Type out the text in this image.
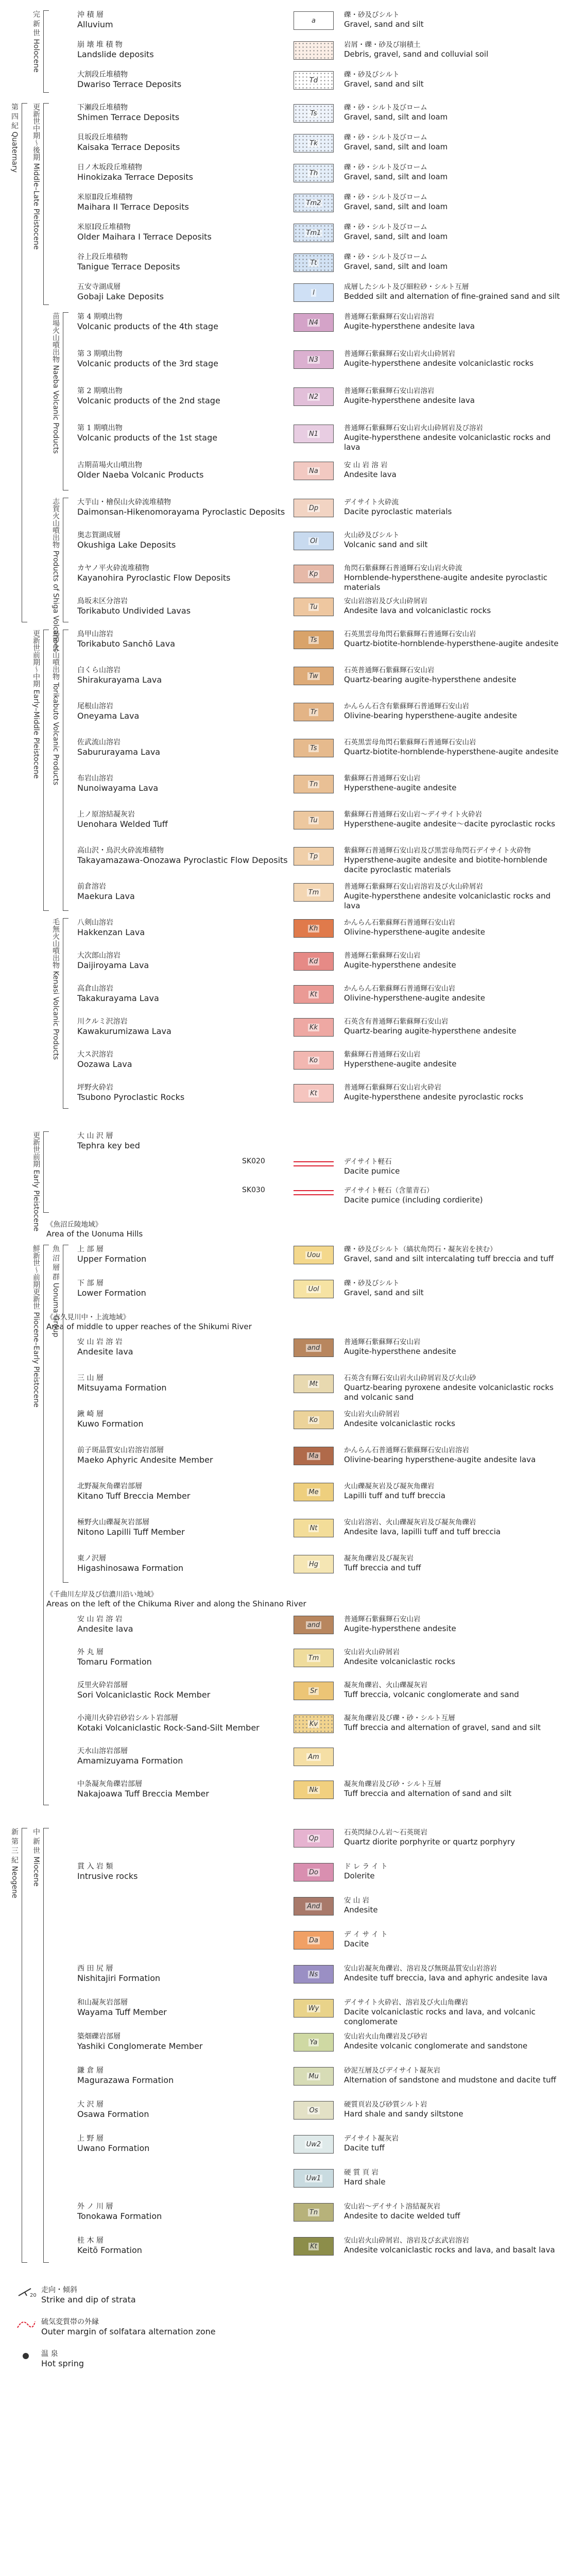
沖 積 層
Alluvium	a
礫・砂及びシルト
Gravel, sand and silt
崩 壊 堆 積 物
Landslide deposits
岩屑・礫・砂及び崩積土
Debris, gravel, sand and colluvial soil
大割段丘堆積物
Dwariso Terrace Deposits	Td
礫・砂及びシルト
Gravel, sand and silt
完 新 世 Holocene
下瀬段丘堆積物
Shimen Terrace Deposits	Ts
礫・砂・シルト及びローム
Gravel, sand, silt and loam
貝坂段丘堆積物
Kaisaka Terrace Deposits	Tk
礫・砂・シルト及びローム
Gravel, sand, silt and loam
日ノ木坂段丘堆積物
Hinokizaka Terrace Deposits	Th
礫・砂・シルト及びローム
Gravel, sand, silt and loam
米原Ⅱ段丘堆積物
Maihara II Terrace Deposits	Tm2
礫・砂・シルト及びローム
Gravel, sand, silt and loam
米原Ⅰ段丘堆積物
Older Maihara I Terrace Deposits	Tm1
礫・砂・シルト及びローム
Gravel, sand, silt and loam
谷上段丘堆積物
Tanigue Terrace Deposits	Tt
礫・砂・シルト及びローム
Gravel, sand, silt and loam
五安寺湖成層
Gobaji Lake Deposits	l
成層したシルト及び細粒砂・シルト互層
Bedded silt and alternation of fine-grained sand and silt
更新世中期～後期 Middle–Late Pleistocene
第 4 期噴出物
Volcanic products of the 4th stage	N4
普通輝石紫蘇輝石安山岩溶岩
Augite-hypersthene andesite lava
第 3 期噴出物
Volcanic products of the 3rd stage	N3
普通輝石紫蘇輝石安山岩火山砕屑岩
Augite-hypersthene andesite volcaniclastic rocks
第 2 期噴出物
Volcanic products of the 2nd stage	N2
普通輝石紫蘇輝石安山岩溶岩
Augite-hypersthene andesite lava
第 1 期噴出物
Volcanic products of the 1st stage	N1
普通輝石紫蘇輝石安山岩火山砕屑岩及び溶岩
Augite-hypersthene andesite volcaniclastic rocks and lava
古期苗場火山噴出物
Older Naeba Volcanic Products	Na
安 山 岩 溶 岩
Andesite lava
苗場火山噴出物 Naeba Volcanic Products
大芋山・檜俣山火砕流堆積物
Daimonsan-Hikenomorayama Pyroclastic Deposits	Dp
デイサイト火砕流
Dacite pyroclastic materials
奥志賀湖成層
Okushiga Lake Deposits	Ol
火山砂及びシルト
Volcanic sand and silt
カヤノ平火砕流堆積物
Kayanohira Pyroclastic Flow Deposits	Kp
角閃石紫蘇輝石普通輝石安山岩火砕流
Hornblende-hypersthene-augite andesite pyroclastic materials
鳥坂未区分溶岩
Torikabuto Undivided Lavas	Tu
安山岩溶岩及び火山砕屑岩
Andesite lava and volcaniclastic rocks
志賀火山噴出物 Products of Shiga Volcanoes
第 四 紀 Quaternary
鳥甲山溶岩
Torikabuto Sanchō Lava	Ts
石英黒雲母角閃石紫蘇輝石普通輝石安山岩
Quartz-biotite-hornblende-hypersthene-augite andesite
白くら山溶岩
Shirakurayama Lava	Tw
石英普通輝石紫蘇輝石安山岩
Quartz-bearing augite-hypersthene andesite
尾根山溶岩
Oneyama Lava	Tr
かんらん石含有紫蘇輝石普通輝石安山岩
Olivine-bearing hypersthene-augite andesite
佐武流山溶岩
Sabururayama Lava	Ts
石英黒雲母角閃石紫蘇輝石普通輝石安山岩
Quartz-biotite-hornblende-hypersthene-augite andesite
布岩山溶岩
Nunoiwayama Lava	Tn
紫蘇輝石普通輝石安山岩
Hypersthene-augite andesite
上ノ原溶結凝灰岩
Uenohara Welded Tuff	Tu
紫蘇輝石普通輝石安山岩～デイサイト火砕岩
Hypersthene-augite andesite～dacite pyroclastic rocks
高山沢・鳥沢火砕流堆積物
Takayamazawa-Onozawa Pyroclastic Flow Deposits	Tp
紫蘇輝石普通輝石安山岩及び黒雲母角閃石デイサイト火砕物
Hypersthene-augite andesite and biotite-hornblende dacite pyroclastic materials
前倉溶岩
Maekura Lava	Tm
普通輝石紫蘇輝石安山岩溶岩及び火山砕屑岩
Augite-hypersthene andesite volcaniclastic rocks and lava
鳥甲火山噴出物 Torikabuto Volcanic Products
更新世前期～中期 Early–Middle Pleistocene
八剣山溶岩
Hakkenzan Lava	Kh
かんらん石紫蘇輝石普通輝石安山岩
Olivine-hypersthene-augite andesite
大次郎山溶岩
Daijiroyama Lava	Kd
普通輝石紫蘇輝石安山岩
Augite-hypersthene andesite
高倉山溶岩
Takakurayama Lava	Kt
かんらん石紫蘇輝石普通輝石安山岩
Olivine-hypersthene-augite andesite
川クルミ沢溶岩
Kawakurumizawa Lava	Kk
石英含有普通輝石紫蘇輝石安山岩
Quartz-bearing augite-hypersthene andesite
大ス沢溶岩
Oozawa Lava	Ko
紫蘇輝石普通輝石安山岩
Hypersthene-augite andesite
坪野火砕岩
Tsubono Pyroclastic Rocks	Kt
普通輝石紫蘇輝石安山岩火砕岩
Augite-hypersthene andesite pyroclastic rocks
毛無火山噴出物 Kenasi Volcanic Products
大 山 沢 層
Tephra key bed
SK020	デイサイト軽石
Dacite pumice
SK030	デイサイト軽石（含菫青石）
Dacite pumice (including cordierite)
更新世前期 Early Pleistocene 《魚沼丘陵地域》
Area of the Uonuma Hills
上 部 層
Upper Formation	Uou
礫・砂及びシルト（縞状角閃石・凝灰岩を挟む）
Gravel, sand and silt intercalating tuff breccia and tuff
下 部 層
Lower Formation	Uol
礫・砂及びシルト
Gravel, sand and silt
《志久見川中・上流地域》
Area of middle to upper reaches of the Shikumi River
安 山 岩 溶 岩
Andesite lava	and
普通輝石紫蘇輝石安山岩
Augite-hypersthene andesite
三 山 層
Mitsuyama Formation	Mt
石英含有輝石安山岩火山砕屑岩及び火山砂
Quartz-bearing pyroxene andesite volcaniclastic rocks and volcanic sand
鍬 崎 層
Kuwo Formation	Ko
安山岩火山砕屑岩
Andesite volcaniclastic rocks
前子斑晶質安山岩溶岩部層
Maeko Aphyric Andesite Member	Ma
かんらん石普通輝石紫蘇輝石安山岩溶岩
Olivine-bearing hypersthene-augite andesite lava
北野凝灰角礫岩部層
Kitano Tuff Breccia Member	Me
火山礫凝灰岩及び凝灰角礫岩
Lapilli tuff and tuff breccia
極野火山礫凝灰岩部層
Nitono Lapilli Tuff Member	Nt
安山岩溶岩、火山礫凝灰岩及び凝灰角礫岩
Andesite lava, lapilli tuff and tuff breccia
東ノ沢層
Higashinosawa Formation	Hg
凝灰角礫岩及び凝灰岩
Tuff breccia and tuff
魚 沼 層 群 Uonuma Group
《千曲川左岸及び信濃川沿い地域》
Areas on the left of the Chikuma River and along the Shinano River
安 山 岩 溶 岩
Andesite lava	and
普通輝石紫蘇輝石安山岩
Augite-hypersthene andesite
外 丸 層
Tomaru Formation	Tm
安山岩火山砕屑岩
Andesite volcaniclastic rocks
反里火砕岩部層
Sori Volcaniclastic Rock Member	Sr
凝灰角礫岩、火山礫凝灰岩
Tuff breccia, volcanic conglomerate and sand
小滝川火砕岩砂岩シルト岩部層
Kotaki Volcaniclastic Rock-Sand-Silt Member	Kv
凝灰角礫岩及び礫・砂・シルト互層
Tuff breccia and alternation of gravel, sand and silt
天水山溶岩部層
Amamizuyama Formation	Am
中条凝灰角礫岩部層
Nakajoawa Tuff Breccia Member	Nk
凝灰角礫岩及び砂・シルト互層
Tuff breccia and alternation of sand and silt
鮮新世～前期更新世 Pliocene–Early Pleistocene
Qp
石英閃緑ひん岩～石英斑岩
Quartz diorite porphyrite or quartz porphyry
貫 入 岩 類
Intrusive rocks	Do
ド レ ラ イ ト
Dolerite
And
安 山 岩
Andesite
Da
デ イ サ イ ト
Dacite
西 田 尻 層
Nishitajiri Formation	Ns
安山岩凝灰角礫岩、溶岩及び無斑晶質安山岩溶岩
Andesite tuff breccia, lava and aphyric andesite lava
和山凝灰岩部層
Wayama Tuff Member	Wy
デイサイト火砕岩、溶岩及び火山角礫岩
Dacite volcaniclastic rocks and lava, and volcanic conglomerate
築畑礫岩部層
Yashiki Conglomerate Member	Ya
安山岩火山角礫岩及び砂岩
Andesite volcanic conglomerate and sandstone
鎌 倉 層
Magurazawa Formation	Mu
砂泥互層及びデイサイト凝灰岩
Alternation of sandstone and mudstone and dacite tuff
大 沢 層
Osawa Formation	Os
硬質頁岩及び砂質シルト岩
Hard shale and sandy siltstone
上 野 層
Uwano Formation	Uw2
デイサイト凝灰岩
Dacite tuff
Uw1
硬 質 頁 岩
Hard shale
外 ノ 川 層
Tonokawa Formation	Tn
安山岩～デイサイト溶結凝灰岩
Andesite to dacite welded tuff
桂 木 層
Keitō Formation	Kt
安山岩火山砕屑岩、溶岩及び玄武岩溶岩
Andesite volcaniclastic rocks and lava, and basalt lava
中 新 世 Miocene
新 第 三 紀 Neogene
20
走向・傾斜
Strike and dip of strata
硫気変質帯の外縁
Outer margin of solfatara alternation zone
温 泉
Hot spring
